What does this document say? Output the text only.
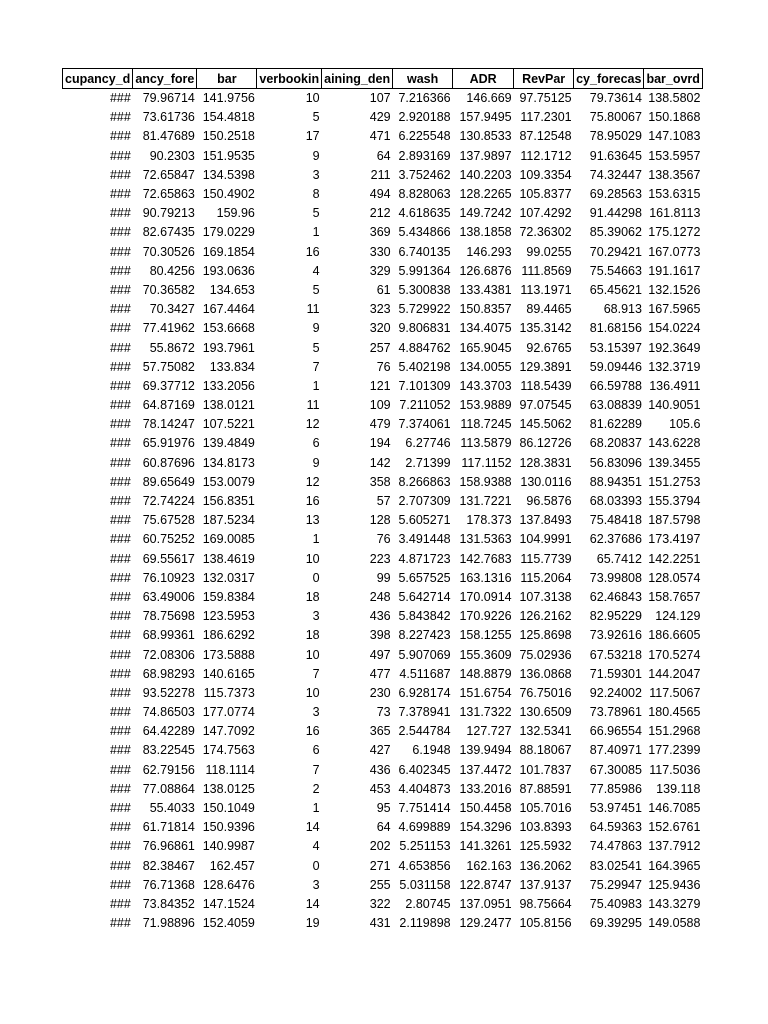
cupancy_d	ancy_fore	bar	verbookin	aining_den	wash	ADR	RevPar	cy_forecas	bar_ovrd
###	79.96714	141.9756	10	107	7.216366	146.669	97.75125	79.73614	138.5802
###	73.61736	154.4818	5	429	2.920188	157.9495	117.2301	75.80067	150.1868
###	81.47689	150.2518	17	471	6.225548	130.8533	87.12548	78.95029	147.1083
###	90.2303	151.9535	9	64	2.893169	137.9897	112.1712	91.63645	153.5957
###	72.65847	134.5398	3	211	3.752462	140.2203	109.3354	74.32447	138.3567
###	72.65863	150.4902	8	494	8.828063	128.2265	105.8377	69.28563	153.6315
###	90.79213	159.96	5	212	4.618635	149.7242	107.4292	91.44298	161.8113
###	82.67435	179.0229	1	369	5.434866	138.1858	72.36302	85.39062	175.1272
###	70.30526	169.1854	16	330	6.740135	146.293	99.0255	70.29421	167.0773
###	80.4256	193.0636	4	329	5.991364	126.6876	111.8569	75.54663	191.1617
###	70.36582	134.653	5	61	5.300838	133.4381	113.1971	65.45621	132.1526
###	70.3427	167.4464	11	323	5.729922	150.8357	89.4465	68.913	167.5965
###	77.41962	153.6668	9	320	9.806831	134.4075	135.3142	81.68156	154.0224
###	55.8672	193.7961	5	257	4.884762	165.9045	92.6765	53.15397	192.3649
###	57.75082	133.834	7	76	5.402198	134.0055	129.3891	59.09446	132.3719
###	69.37712	133.2056	1	121	7.101309	143.3703	118.5439	66.59788	136.4911
###	64.87169	138.0121	11	109	7.211052	153.9889	97.07545	63.08839	140.9051
###	78.14247	107.5221	12	479	7.374061	118.7245	145.5062	81.62289	105.6
###	65.91976	139.4849	6	194	6.27746	113.5879	86.12726	68.20837	143.6228
###	60.87696	134.8173	9	142	2.71399	117.1152	128.3831	56.83096	139.3455
###	89.65649	153.0079	12	358	8.266863	158.9388	130.0116	88.94351	151.2753
###	72.74224	156.8351	16	57	2.707309	131.7221	96.5876	68.03393	155.3794
###	75.67528	187.5234	13	128	5.605271	178.373	137.8493	75.48418	187.5798
###	60.75252	169.0085	1	76	3.491448	131.5363	104.9991	62.37686	173.4197
###	69.55617	138.4619	10	223	4.871723	142.7683	115.7739	65.7412	142.2251
###	76.10923	132.0317	0	99	5.657525	163.1316	115.2064	73.99808	128.0574
###	63.49006	159.8384	18	248	5.642714	170.0914	107.3138	62.46843	158.7657
###	78.75698	123.5953	3	436	5.843842	170.9226	126.2162	82.95229	124.129
###	68.99361	186.6292	18	398	8.227423	158.1255	125.8698	73.92616	186.6605
###	72.08306	173.5888	10	497	5.907069	155.3609	75.02936	67.53218	170.5274
###	68.98293	140.6165	7	477	4.511687	148.8879	136.0868	71.59301	144.2047
###	93.52278	115.7373	10	230	6.928174	151.6754	76.75016	92.24002	117.5067
###	74.86503	177.0774	3	73	7.378941	131.7322	130.6509	73.78961	180.4565
###	64.42289	147.7092	16	365	2.544784	127.727	132.5341	66.96554	151.2968
###	83.22545	174.7563	6	427	6.1948	139.9494	88.18067	87.40971	177.2399
###	62.79156	118.1114	7	436	6.402345	137.4472	101.7837	67.30085	117.5036
###	77.08864	138.0125	2	453	4.404873	133.2016	87.88591	77.85986	139.118
###	55.4033	150.1049	1	95	7.751414	150.4458	105.7016	53.97451	146.7085
###	61.71814	150.9396	14	64	4.699889	154.3296	103.8393	64.59363	152.6761
###	76.96861	140.9987	4	202	5.251153	141.3261	125.5932	74.47863	137.7912
###	82.38467	162.457	0	271	4.653856	162.163	136.2062	83.02541	164.3965
###	76.71368	128.6476	3	255	5.031158	122.8747	137.9137	75.29947	125.9436
###	73.84352	147.1524	14	322	2.80745	137.0951	98.75664	75.40983	143.3279
###	71.98896	152.4059	19	431	2.119898	129.2477	105.8156	69.39295	149.0588
